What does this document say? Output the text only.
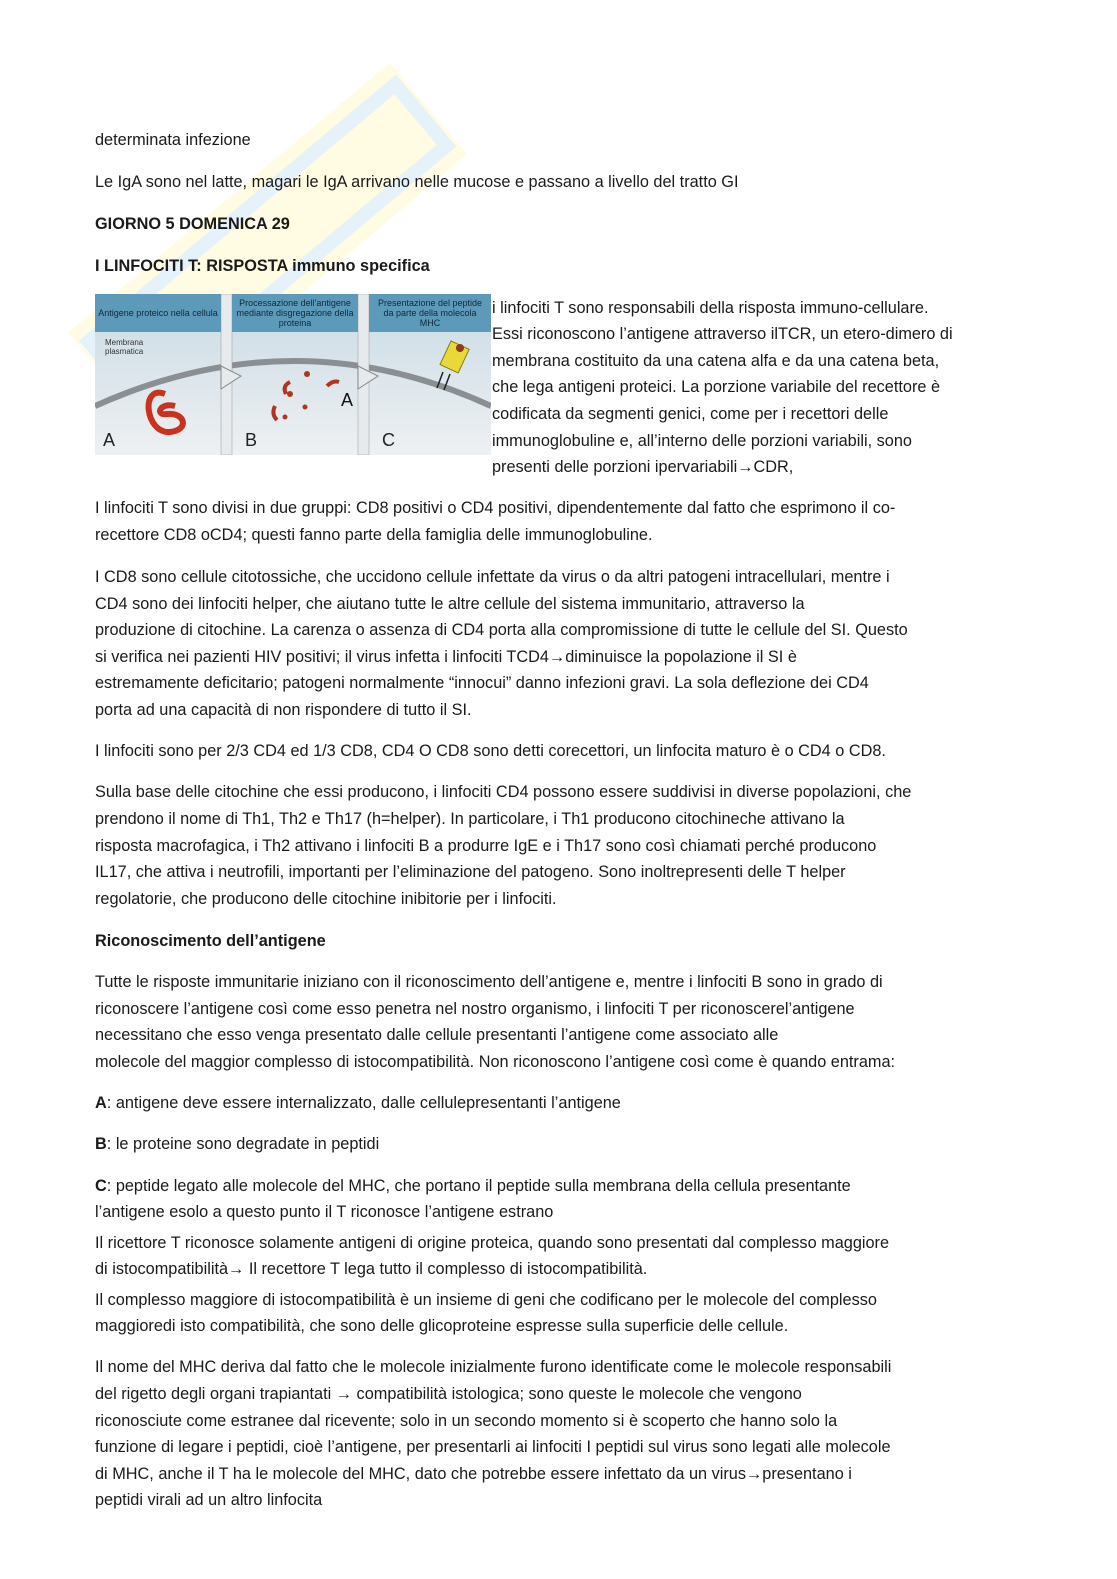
A	B	C
A
Antigene proteico nella cellula
Processazione dell'antigene mediante disgregazione della proteina
Presentazione del peptide da parte della molecola MHC
Membrana plasmatica
determinata infezione
Le IgA sono nel latte, magari le IgA arrivano nelle mucose e passano a livello del tratto GI
GIORNO 5 DOMENICA 29
I LINFOCITI T: RISPOSTA immuno specifica
i linfociti T sono responsabili della risposta immuno-cellulare.
Essi riconoscono l’antigene attraverso ilTCR, un etero-dimero di
membrana costituito da una catena alfa e da una catena beta,
che lega antigeni proteici. La porzione variabile del recettore è
codificata da segmenti genici, come per i recettori delle
immunoglobuline e, all’interno delle porzioni variabili, sono
presenti delle porzioni ipervariabili→CDR,
I linfociti T sono divisi in due gruppi: CD8 positivi o CD4 positivi, dipendentemente dal fatto che esprimono il co-
recettore CD8 oCD4; questi fanno parte della famiglia delle immunoglobuline.
I CD8 sono cellule citotossiche, che uccidono cellule infettate da virus o da altri patogeni intracellulari, mentre i
CD4 sono dei linfociti helper, che aiutano tutte le altre cellule del sistema immunitario, attraverso la
produzione di citochine. La carenza o assenza di CD4 porta alla compromissione di tutte le cellule del SI. Questo
si verifica nei pazienti HIV positivi; il virus infetta i linfociti TCD4→diminuisce la popolazione il SI è
estremamente deficitario; patogeni normalmente “innocui” danno infezioni gravi. La sola deflezione dei CD4
porta ad una capacità di non rispondere di tutto il SI.
I linfociti sono per 2/3 CD4 ed 1/3 CD8, CD4 O CD8 sono detti corecettori, un linfocita maturo è o CD4 o CD8.
Sulla base delle citochine che essi producono, i linfociti CD4 possono essere suddivisi in diverse popolazioni, che
prendono il nome di Th1, Th2 e Th17 (h=helper). In particolare, i Th1 producono citochineche attivano la
risposta macrofagica, i Th2 attivano i linfociti B a produrre IgE e i Th17 sono così chiamati perché producono
IL17, che attiva i neutrofili, importanti per l’eliminazione del patogeno. Sono inoltrepresenti delle T helper
regolatorie, che producono delle citochine inibitorie per i linfociti.
Riconoscimento dell’antigene
Tutte le risposte immunitarie iniziano con il riconoscimento dell’antigene e, mentre i linfociti B sono in grado di
riconoscere l’antigene così come esso penetra nel nostro organismo, i linfociti T per riconoscerel’antigene
necessitano che esso venga presentato dalle cellule presentanti l’antigene come associato alle
molecole del maggior complesso di istocompatibilità. Non riconoscono l’antigene così come è quando entrama:
A: antigene deve essere internalizzato, dalle cellulepresentanti l’antigene
B: le proteine sono degradate in peptidi
C: peptide legato alle molecole del MHC, che portano il peptide sulla membrana della cellula presentante
l’antigene esolo a questo punto il T riconosce l’antigene estrano
Il ricettore T riconosce solamente antigeni di origine proteica, quando sono presentati dal complesso maggiore
di istocompatibilità→ Il recettore T lega tutto il complesso di istocompatibilità.
Il complesso maggiore di istocompatibilità è un insieme di geni che codificano per le molecole del complesso
maggioredi isto compatibilità, che sono delle glicoproteine espresse sulla superficie delle cellule.
Il nome del MHC deriva dal fatto che le molecole inizialmente furono identificate come le molecole responsabili
del rigetto degli organi trapiantati → compatibilità istologica; sono queste le molecole che vengono
riconosciute come estranee dal ricevente; solo in un secondo momento si è scoperto che hanno solo la
funzione di legare i peptidi, cioè l’antigene, per presentarli ai linfociti I peptidi sul virus sono legati alle molecole
di MHC, anche il T ha le molecole del MHC, dato che potrebbe essere infettato da un virus→presentano i
peptidi virali ad un altro linfocita
